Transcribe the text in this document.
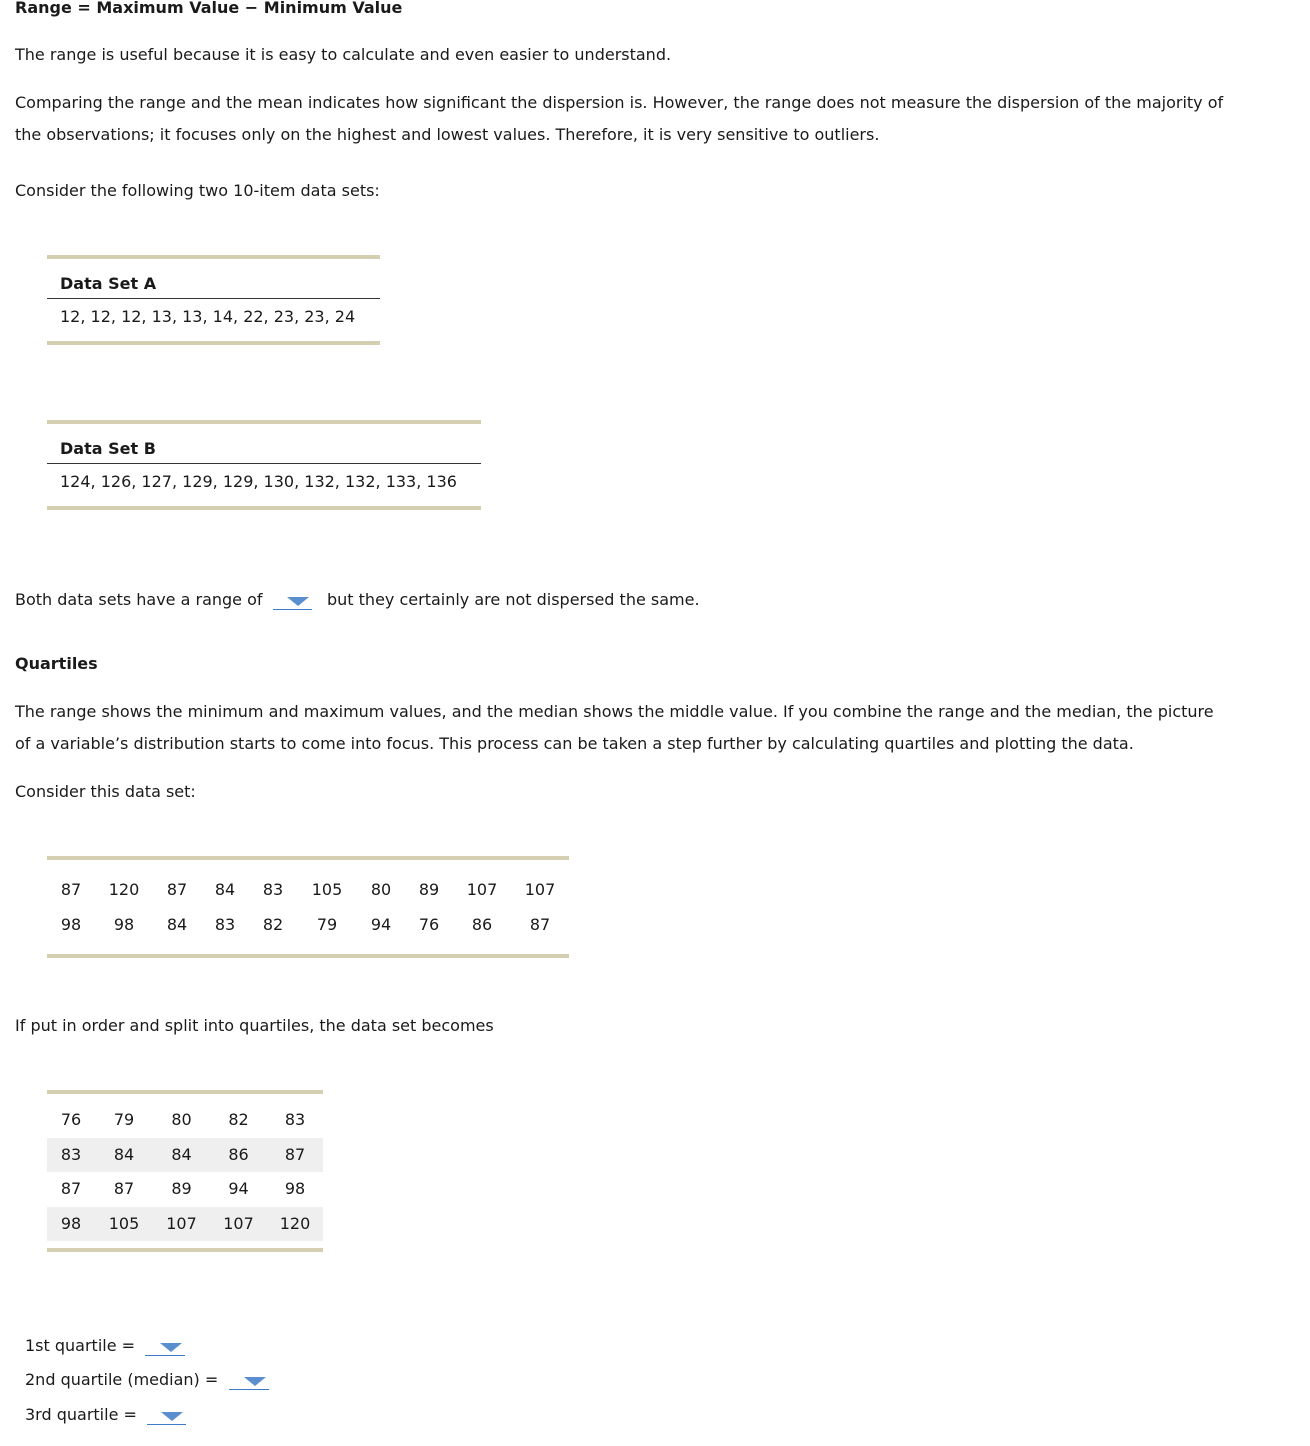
Range = Maximum Value − Minimum Value
The range is useful because it is easy to calculate and even easier to understand.
Comparing the range and the mean indicates how significant the dispersion is. However, the range does not measure the dispersion of the majority of
the observations; it focuses only on the highest and lowest values. Therefore, it is very sensitive to outliers.
Consider the following two 10-item data sets:
Data Set A
12, 12, 12, 13, 13, 14, 22, 23, 23, 24
Data Set B
124, 126, 127, 129, 129, 130, 132, 132, 133, 136
Both data sets have a range of	but they certainly are not dispersed the same.
Quartiles
The range shows the minimum and maximum values, and the median shows the middle value. If you combine the range and the median, the picture
of a variable’s distribution starts to come into focus. This process can be taken a step further by calculating quartiles and plotting the data.
Consider this data set:
87	120	87	84	83	105	80	89	107	107
98	98	84	83	82	79	94	76	86	87
If put in order and split into quartiles, the data set becomes
76	79	80	82	83
83	84	84	86	87
87	87	89	94	98
98	105	107	107	120
1st quartile =
2nd quartile (median) =
3rd quartile =
